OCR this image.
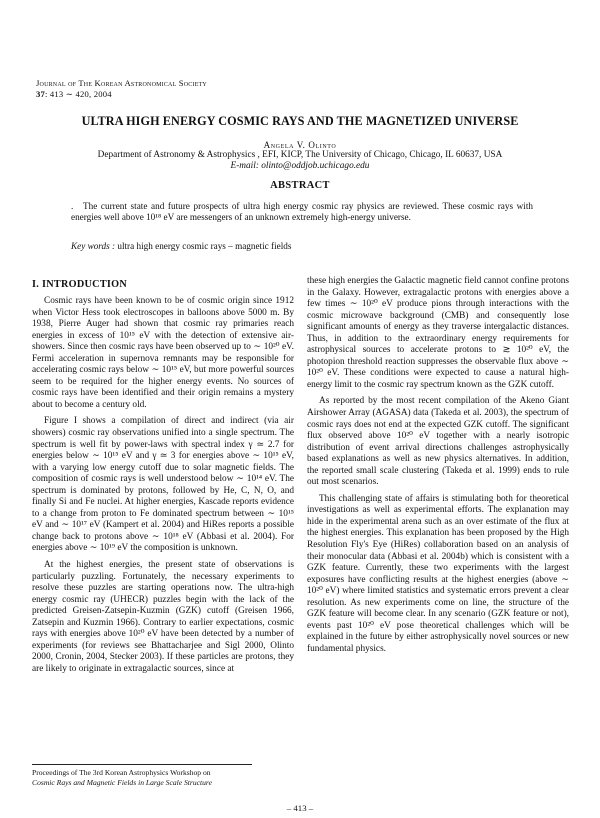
Journal of The Korean Astronomical Society
37: 413 ∼ 420, 2004
ULTRA HIGH ENERGY COSMIC RAYS AND THE MAGNETIZED UNIVERSE
Angela V. Olinto
Department of Astronomy & Astrophysics , EFI, KICP, The University of Chicago, Chicago, IL 60637, USA
E-mail: olinto@oddjob.uchicago.edu
ABSTRACT
. The current state and future prospects of ultra high energy cosmic ray physics are reviewed. These cosmic rays with energies well above 10¹⁸ eV are messengers of an unknown extremely high-energy universe.
Key words : ultra high energy cosmic rays – magnetic fields
I. INTRODUCTION

Cosmic rays have been known to be of cosmic origin since 1912 when Victor Hess took electroscopes in balloons above 5000 m. By 1938, Pierre Auger had shown that cosmic ray primaries reach energies in excess of 10¹⁵ eV with the detection of extensive air-showers. Since then cosmic rays have been observed up to ∼ 10²⁰ eV. Fermi acceleration in supernova remnants may be responsible for accelerating cosmic rays below ∼ 10¹⁵ eV, but more powerful sources seem to be required for the higher energy events. No sources of cosmic rays have been identified and their origin remains a mystery about to become a century old.

Figure I shows a compilation of direct and indirect (via air showers) cosmic ray observations unified into a single spectrum. The spectrum is well fit by power-laws with spectral index γ ≃ 2.7 for energies below ∼ 10¹⁵ eV and γ ≃ 3 for energies above ∼ 10¹⁵ eV, with a varying low energy cutoff due to solar magnetic fields. The composition of cosmic rays is well understood below ∼ 10¹⁴ eV. The spectrum is dominated by protons, followed by He, C, N, O, and finally Si and Fe nuclei. At higher energies, Kascade reports evidence to a change from proton to Fe dominated spectrum between ∼ 10¹⁵ eV and ∼ 10¹⁷ eV (Kampert et al. 2004) and HiRes reports a possible change back to protons above ∼ 10¹⁸ eV (Abbasi et al. 2004). For energies above ∼ 10¹⁹ eV the composition is unknown.

At the highest energies, the present state of observations is particularly puzzling. Fortunately, the necessary experiments to resolve these puzzles are starting operations now. The ultra-high energy cosmic ray (UHECR) puzzles begin with the lack of the predicted Greisen-Zatsepin-Kuzmin (GZK) cutoff (Greisen 1966, Zatsepin and Kuzmin 1966). Contrary to earlier expectations, cosmic rays with energies above 10²⁰ eV have been detected by a number of experiments (for reviews see Bhattacharjee and Sigl 2000, Olinto 2000, Cronin, 2004, Stecker 2003). If these particles are protons, they are likely to originate in extragalactic sources, since at

these high energies the Galactic magnetic field cannot confine protons in the Galaxy. However, extragalactic protons with energies above a few times ∼ 10²⁰ eV produce pions through interactions with the cosmic microwave background (CMB) and consequently lose significant amounts of energy as they traverse intergalactic distances. Thus, in addition to the extraordinary energy requirements for astrophysical sources to accelerate protons to ≳ 10²⁰ eV, the photopion threshold reaction suppresses the observable flux above ∼ 10²⁰ eV. These conditions were expected to cause a natural high-energy limit to the cosmic ray spectrum known as the GZK cutoff.

As reported by the most recent compilation of the Akeno Giant Airshower Array (AGASA) data (Takeda et al. 2003), the spectrum of cosmic rays does not end at the expected GZK cutoff. The significant flux observed above 10²⁰ eV together with a nearly isotropic distribution of event arrival directions challenges astrophysically based explanations as well as new physics alternatives. In addition, the reported small scale clustering (Takeda et al. 1999) ends to rule out most scenarios.

This challenging state of affairs is stimulating both for theoretical investigations as well as experimental efforts. The explanation may hide in the experimental arena such as an over estimate of the flux at the highest energies. This explanation has been proposed by the High Resolution Fly's Eye (HiRes) collaboration based on an analysis of their monocular data (Abbasi et al. 2004b) which is consistent with a GZK feature. Currently, these two experiments with the largest exposures have conflicting results at the highest energies (above ∼ 10²⁰ eV) where limited statistics and systematic errors prevent a clear resolution. As new experiments come on line, the structure of the GZK feature will become clear. In any scenario (GZK feature or not), events past 10²⁰ eV pose theoretical challenges which will be explained in the future by either astrophysically novel sources or new fundamental physics.

Proceedings of The 3rd Korean Astrophysics Workshop on
Cosmic Rays and Magnetic Fields in Large Scale Structure
– 413 –
